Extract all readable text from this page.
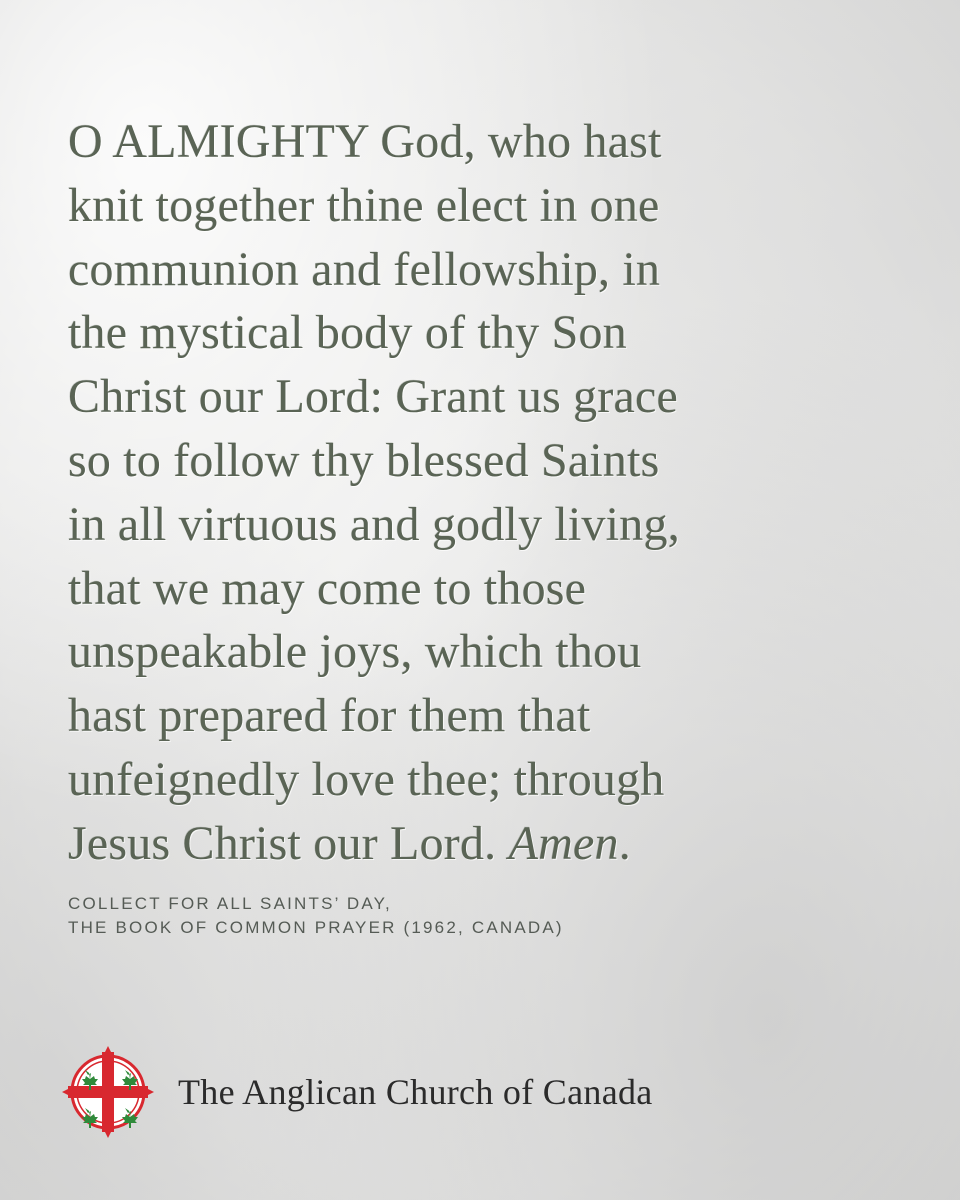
O ALMIGHTY God, who hast
knit together thine elect in one
communion and fellowship, in
the mystical body of thy Son
Christ our Lord: Grant us grace
so to follow thy blessed Saints
in all virtuous and godly living,
that we may come to those
unspeakable joys, which thou
hast prepared for them that
unfeignedly love thee; through
Jesus Christ our Lord. Amen.
COLLECT FOR ALL SAINTS’ DAY,
THE BOOK OF COMMON PRAYER (1962, CANADA)
The Anglican Church of Canada
